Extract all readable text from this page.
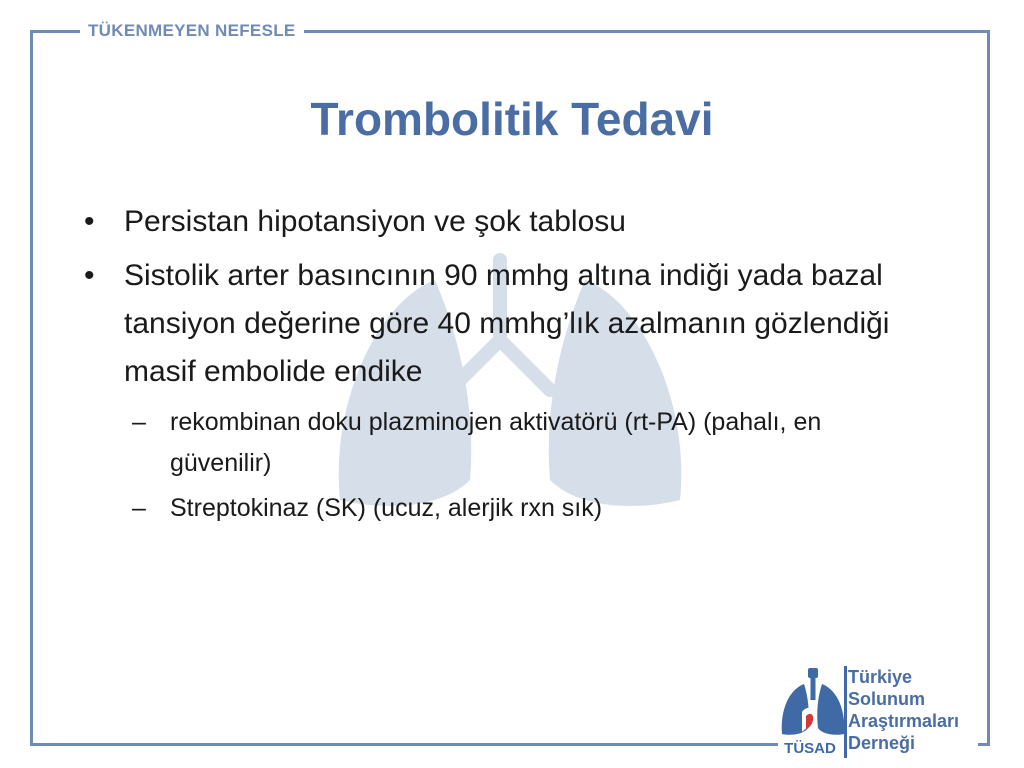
TÜKENMEYEN NEFESLE
Trombolitik Tedavi
• Persistan hipotansiyon ve şok tablosu
• Sistolik arter basıncının 90 mmhg altına indiği yada bazal tansiyon değerine göre 40 mmhg’lık azalmanın gözlendiği masif embolide endike
– rekombinan doku plazminojen aktivatörü (rt-PA) (pahalı, en güvenilir)
– Streptokinaz (SK) (ucuz, alerjik rxn sık)
Türkiye
Solunum
Araştırmaları
Derneği
TÜSAD
